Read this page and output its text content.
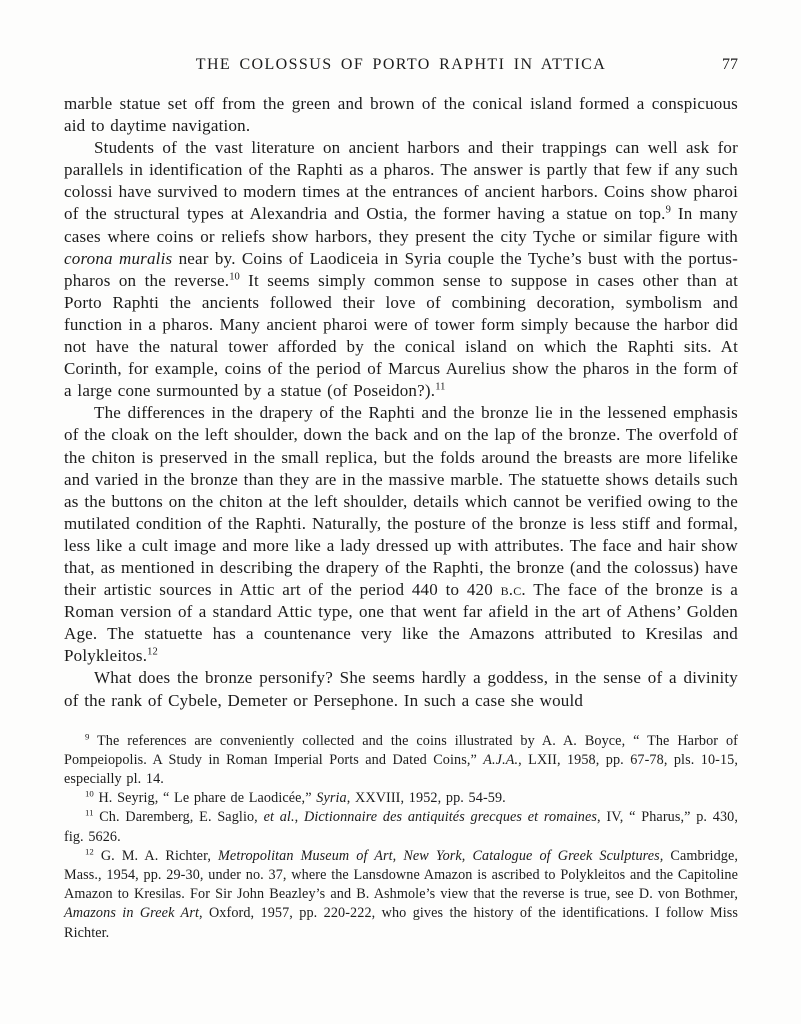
THE COLOSSUS OF PORTO RAPHTI IN ATTICA	77

marble statue set off from the green and brown of the conical island formed a conspicuous aid to daytime navigation.

Students of the vast literature on ancient harbors and their trappings can well ask for parallels in identification of the Raphti as a pharos. The answer is partly that few if any such colossi have survived to modern times at the entrances of ancient harbors. Coins show pharoi of the structural types at Alexandria and Ostia, the former having a statue on top.$^9$ In many cases where coins or reliefs show harbors, they present the city Tyche or similar figure with corona muralis near by. Coins of Laodiceia in Syria couple the Tyche’s bust with the portus-pharos on the reverse.$^{10}$ It seems simply common sense to suppose in cases other than at Porto Raphti the ancients followed their love of combining decoration, symbolism and function in a pharos. Many ancient pharoi were of tower form simply because the harbor did not have the natural tower afforded by the conical island on which the Raphti sits. At Corinth, for example, coins of the period of Marcus Aurelius show the pharos in the form of a large cone surmounted by a statue (of Poseidon?).$^{11}$

The differences in the drapery of the Raphti and the bronze lie in the lessened emphasis of the cloak on the left shoulder, down the back and on the lap of the bronze. The overfold of the chiton is preserved in the small replica, but the folds around the breasts are more lifelike and varied in the bronze than they are in the massive marble. The statuette shows details such as the buttons on the chiton at the left shoulder, details which cannot be verified owing to the mutilated condition of the Raphti. Naturally, the posture of the bronze is less stiff and formal, less like a cult image and more like a lady dressed up with attributes. The face and hair show that, as mentioned in describing the drapery of the Raphti, the bronze (and the colossus) have their artistic sources in Attic art of the period 440 to 420 b.c. The face of the bronze is a Roman version of a standard Attic type, one that went far afield in the art of Athens’ Golden Age. The statuette has a countenance very like the Amazons attributed to Kresilas and Polykleitos.$^{12}$

What does the bronze personify? She seems hardly a goddess, in the sense of a divinity of the rank of Cybele, Demeter or Persephone. In such a case she would

$^9$ The references are conveniently collected and the coins illustrated by A. A. Boyce, “ The Harbor of Pompeiopolis. A Study in Roman Imperial Ports and Dated Coins,” A.J.A., LXII, 1958, pp. 67-78, pls. 10-15, especially pl. 14.

$^{10}$ H. Seyrig, “ Le phare de Laodicée,” Syria, XXVIII, 1952, pp. 54-59.

$^{11}$ Ch. Daremberg, E. Saglio, et al., Dictionnaire des antiquités grecques et romaines, IV, “ Pharus,” p. 430, fig. 5626.

$^{12}$ G. M. A. Richter, Metropolitan Museum of Art, New York, Catalogue of Greek Sculptures, Cambridge, Mass., 1954, pp. 29-30, under no. 37, where the Lansdowne Amazon is ascribed to Polykleitos and the Capitoline Amazon to Kresilas. For Sir John Beazley’s and B. Ashmole’s view that the reverse is true, see D. von Bothmer, Amazons in Greek Art, Oxford, 1957, pp. 220-222, who gives the history of the identifications. I follow Miss Richter.
